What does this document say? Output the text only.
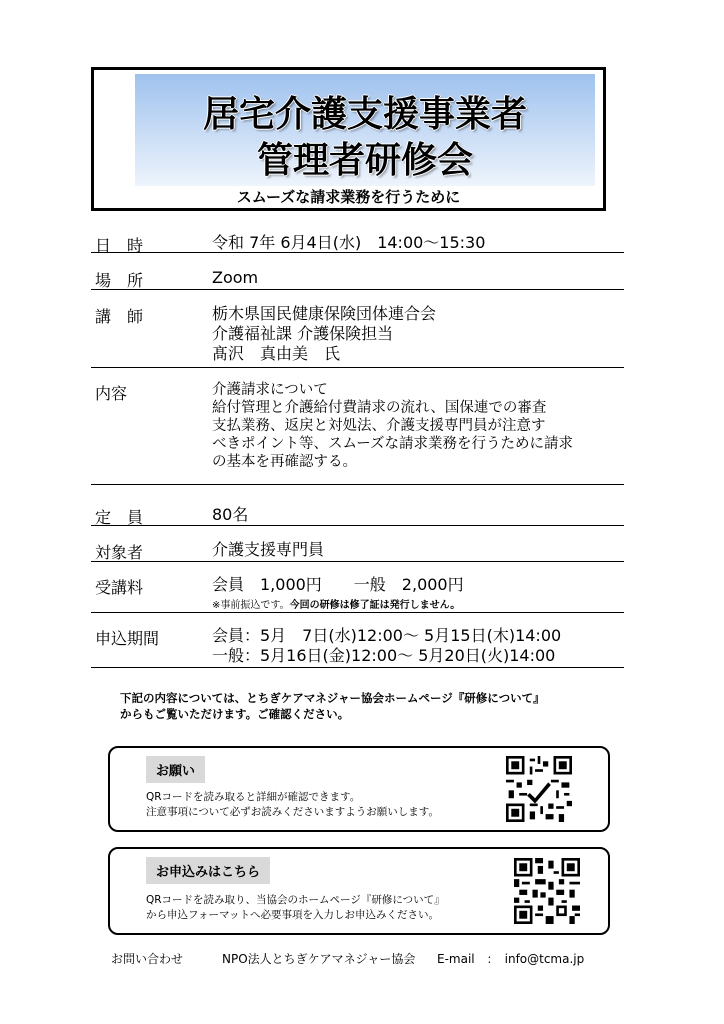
居宅介護支援事業者
管理者研修会
スムーズな請求業務を行うために
日　時	令和 7年 6月4日(水)　14:00〜15:30
場　所	Zoom
講　師	栃木県国民健康保険団体連合会
介護福祉課 介護保険担当
髙沢　真由美　氏
内容	介護請求について
給付管理と介護給付費請求の流れ、国保連での審査
支払業務、返戻と対処法、介護支援専門員が注意す
べきポイント等、スムーズな請求業務を行うために請求
の基本を再確認する。
定　員	80名
対象者	介護支援専門員
受講料	会員　1,000円　　一般　2,000円
※事前振込です。今回の研修は修了証は発行しません。
申込期間	会員：5月　7日(水)12:00〜 5月15日(木)14:00
一般：5月16日(金)12:00〜 5月20日(火)14:00
下記の内容については、とちぎケアマネジャー協会ホームページ『研修について』
からもご覧いただけます。ご確認ください。
お願い
QRコードを読み取ると詳細が確認できます。
注意事項について必ずお読みくださいますようお願いします。
お申込みはこちら
QRコードを読み取り、当協会のホームページ『研修について』
から申込フォーマットへ必要事項を入力しお申込みください。
お問い合わせ	NPO法人とちぎケアマネジャー協会 E-mail　：　info@tcma.jp
